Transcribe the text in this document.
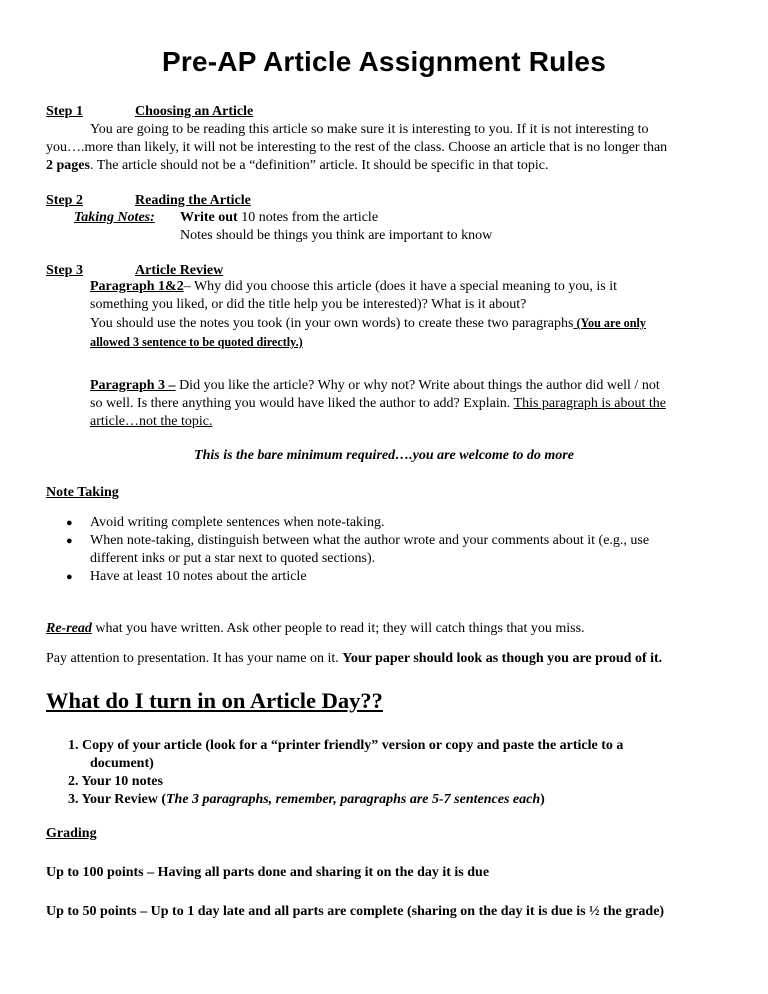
Pre-AP Article Assignment Rules
Step 1	Choosing an Article
You are going to be reading this article so make sure it is interesting to you. If it is not interesting to
you….more than likely, it will not be interesting to the rest of the class. Choose an article that is no longer than
2 pages. The article should not be a “definition” article. It should be specific in that topic.
Step 2	Reading the Article
Taking Notes: Write out 10 notes from the article
Notes should be things you think are important to know
Step 3	Article Review
Paragraph 1&2– Why did you choose this article (does it have a special meaning to you, is it
something you liked, or did the title help you be interested)? What is it about?
You should use the notes you took (in your own words) to create these two paragraphs (You are only
allowed 3 sentence to be quoted directly.)
Paragraph 3 – Did you like the article? Why or why not? Write about things the author did well / not
so well. Is there anything you would have liked the author to add? Explain. This paragraph is about the
article…not the topic.
This is the bare minimum required….you are welcome to do more
Note Taking
● Avoid writing complete sentences when note-taking.
● When note-taking, distinguish between what the author wrote and your comments about it (e.g., use
different inks or put a star next to quoted sections).
● Have at least 10 notes about the article
Re-read what you have written. Ask other people to read it; they will catch things that you miss.
Pay attention to presentation. It has your name on it. Your paper should look as though you are proud of it.
What do I turn in on Article Day??
1. Copy of your article (look for a “printer friendly” version or copy and paste the article to a
document)
2. Your 10 notes
3. Your Review (The 3 paragraphs, remember, paragraphs are 5-7 sentences each)
Grading
Up to 100 points – Having all parts done and sharing it on the day it is due
Up to 50 points – Up to 1 day late and all parts are complete (sharing on the day it is due is ½ the grade)
